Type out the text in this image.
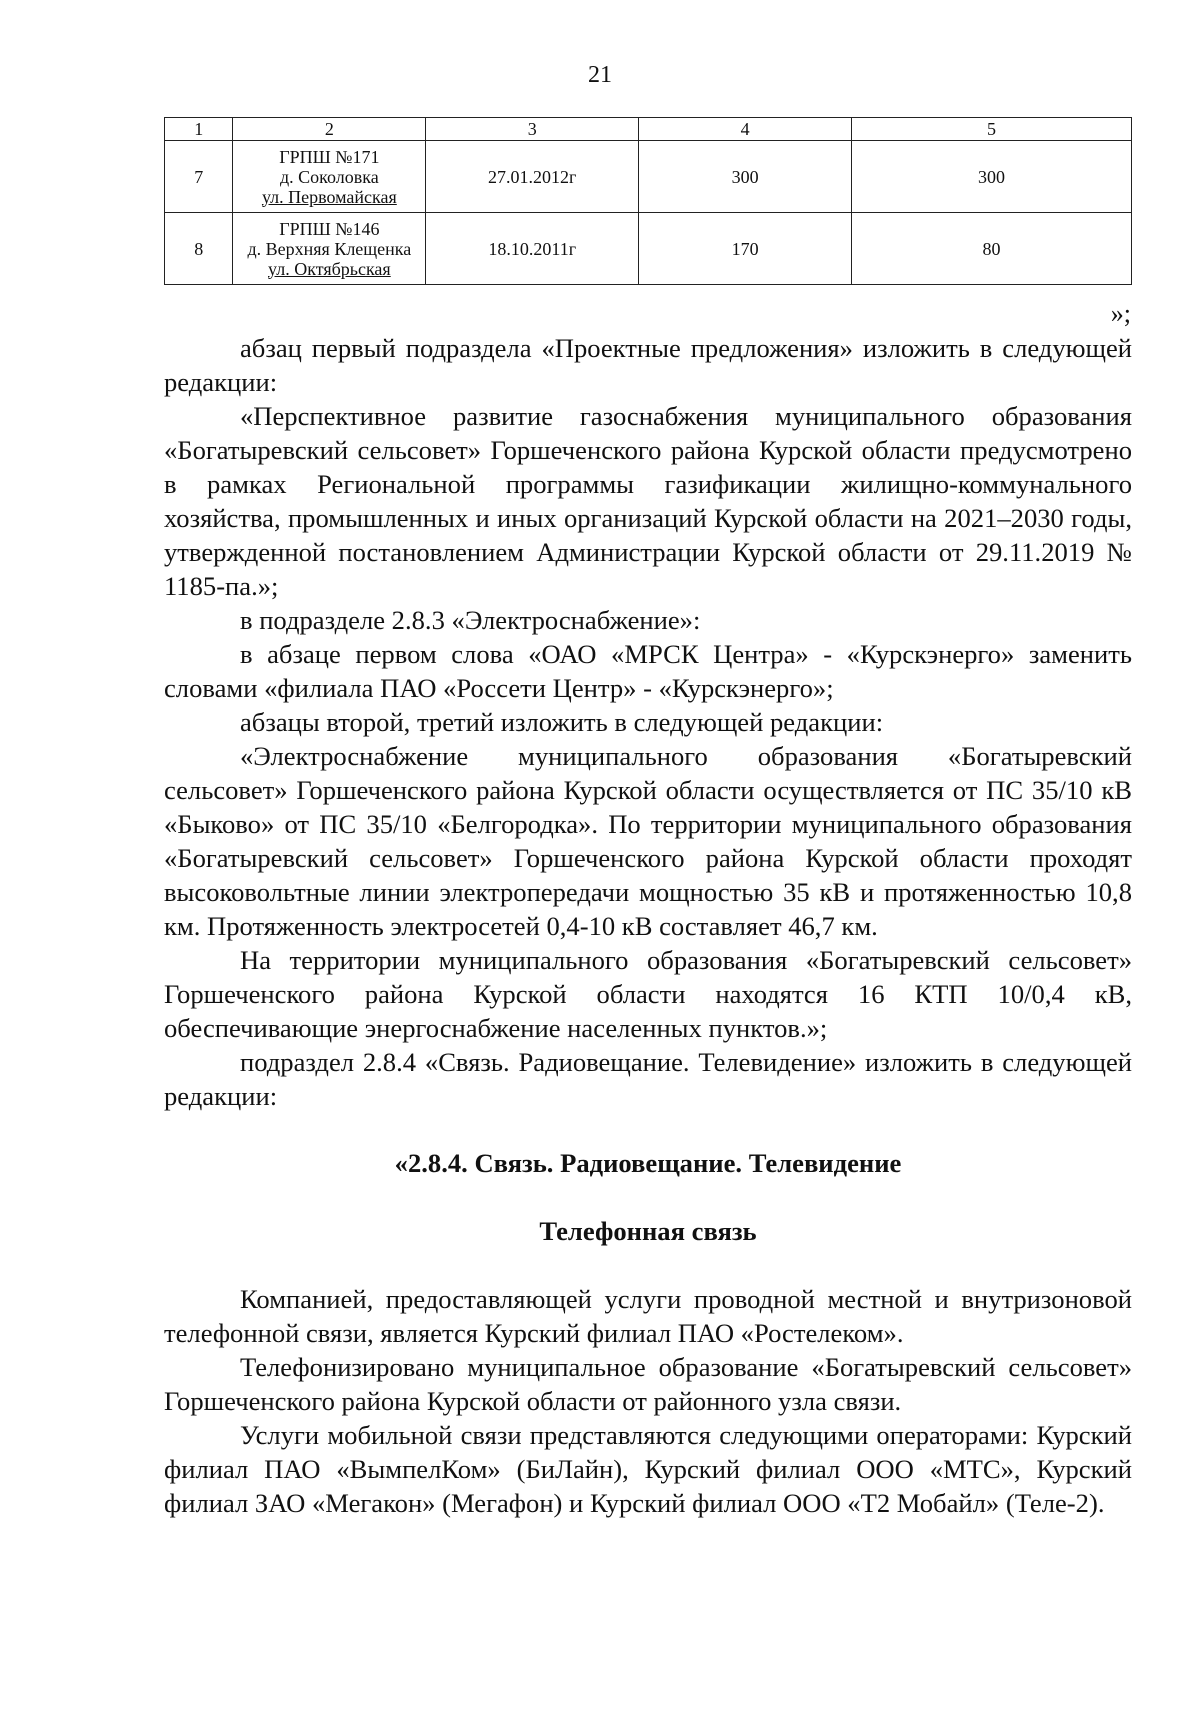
21
1	2	3	4	5
7	ГРПШ №171
д. Соколовка
ул. Первомайская	27.01.2012г	300	300
8	ГРПШ №146
д. Верхняя Клещенка
ул. Октябрьская	18.10.2011г	170	80
»;

абзац первый подраздела «Проектные предложения» изложить в следующей редакции:

«Перспективное развитие газоснабжения муниципального образования «Богатыревский сельсовет» Горшеченского района Курской области предусмотрено в рамках Региональной программы газификации жилищно-коммунального хозяйства, промышленных и иных организаций Курской области на 2021–2030 годы, утвержденной постановлением Администрации Курской области от 29.11.2019 № 1185-па.»;

в подразделе 2.8.3 «Электроснабжение»:

в абзаце первом слова «ОАО «МРСК Центра» - «Курскэнерго» заменить словами «филиала ПАО «Россети Центр» - «Курскэнерго»;

абзацы второй, третий изложить в следующей редакции:

«Электроснабжение муниципального образования «Богатыревский сельсовет» Горшеченского района Курской области осуществляется от ПС 35/10 кВ «Быково» от ПС 35/10 «Белгородка». По территории муниципального образования «Богатыревский сельсовет» Горшеченского района Курской области проходят высоковольтные линии электропередачи мощностью 35 кВ и протяженностью 10,8 км. Протяженность электросетей 0,4-10 кВ составляет 46,7 км.

На территории муниципального образования «Богатыревский сельсовет» Горшеченского района Курской области находятся 16 КТП 10/0,4 кВ, обеспечивающие энергоснабжение населенных пунктов.»;

подраздел 2.8.4 «Связь. Радиовещание. Телевидение» изложить в следующей редакции:

«2.8.4. Связь. Радиовещание. Телевидение

Телефонная связь

Компанией, предоставляющей услуги проводной местной и внутризоновой телефонной связи, является Курский филиал ПАО «Ростелеком».

Телефонизировано муниципальное образование «Богатыревский сельсовет» Горшеченского района Курской области от районного узла связи.

Услуги мобильной связи представляются следующими операторами: Курский филиал ПАО «ВымпелКом» (БиЛайн), Курский филиал ООО «МТС», Курский филиал ЗАО «Мегакон» (Мегафон) и Курский филиал ООО «Т2 Мобайл» (Теле-2).
